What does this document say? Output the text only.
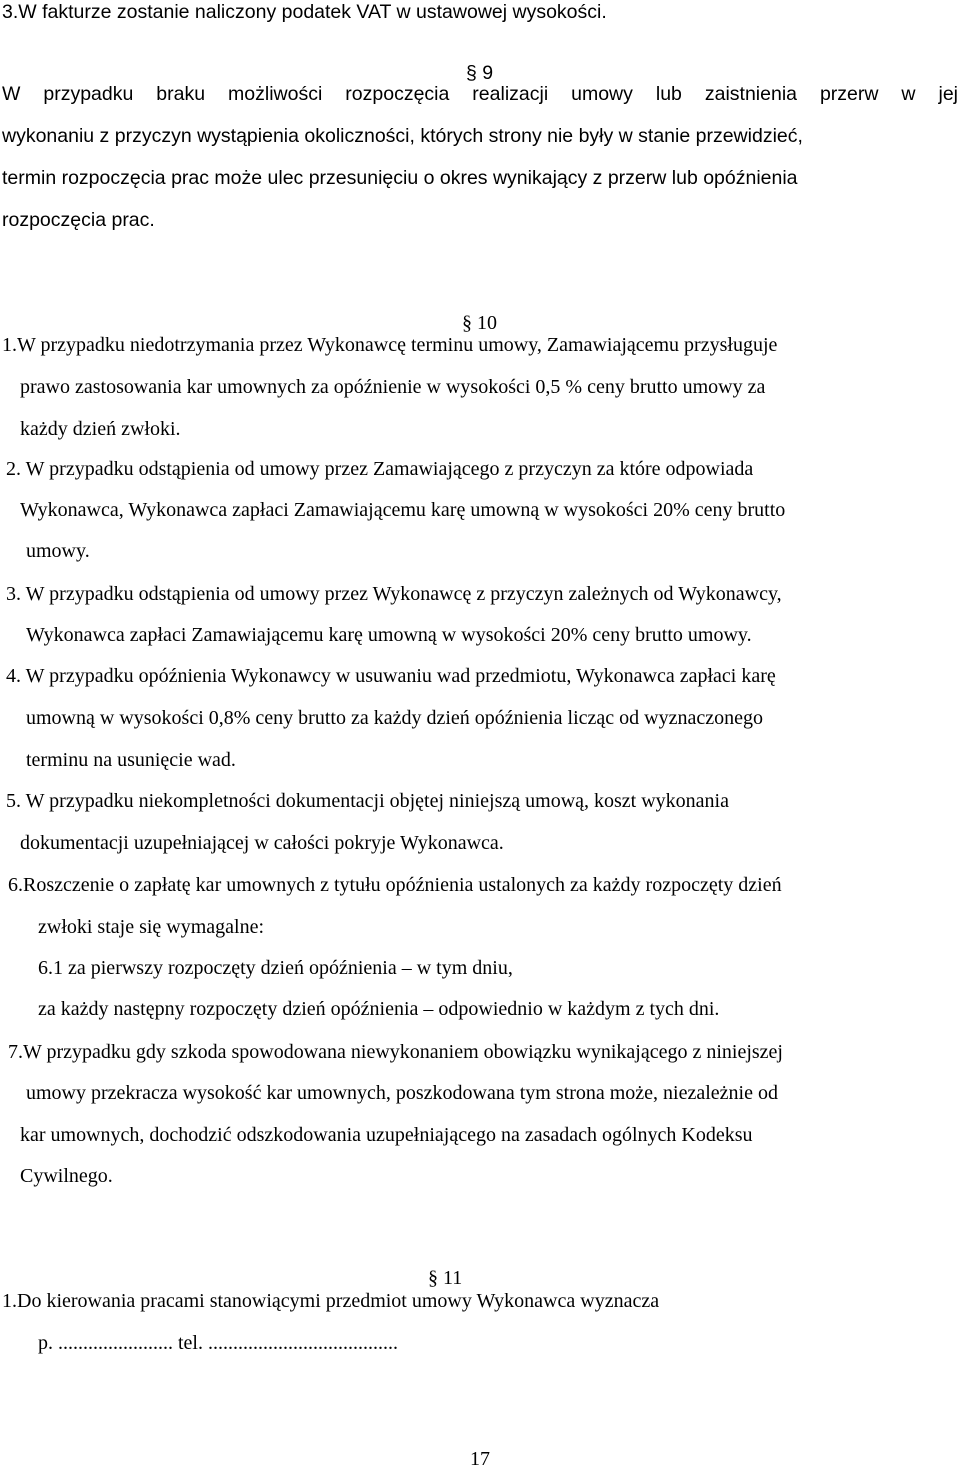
3.W fakturze zostanie naliczony podatek VAT w ustawowej wysokości.

§ 9

W przypadku braku możliwości rozpoczęcia realizacji umowy lub zaistnienia przerw w jej

wykonaniu z przyczyn wystąpienia okoliczności, których strony nie były w stanie przewidzieć,

termin rozpoczęcia prac może ulec przesunięciu o okres wynikający z przerw lub opóźnienia

rozpoczęcia prac.

§ 10

1.W przypadku niedotrzymania przez Wykonawcę terminu umowy, Zamawiającemu przysługuje

prawo zastosowania kar umownych za opóźnienie w wysokości 0,5 % ceny brutto umowy za

każdy dzień zwłoki.

2. W przypadku odstąpienia od umowy przez Zamawiającego z przyczyn za które odpowiada

Wykonawca, Wykonawca zapłaci Zamawiającemu karę umowną w wysokości 20% ceny brutto

umowy.

3. W przypadku odstąpienia od umowy przez Wykonawcę z przyczyn zależnych od Wykonawcy,

Wykonawca zapłaci Zamawiającemu karę umowną w wysokości 20% ceny brutto umowy.

4. W przypadku opóźnienia Wykonawcy w usuwaniu wad przedmiotu, Wykonawca zapłaci karę

umowną w wysokości 0,8% ceny brutto za każdy dzień opóźnienia licząc od wyznaczonego

terminu na usunięcie wad.

5. W przypadku niekompletności dokumentacji objętej niniejszą umową, koszt wykonania

dokumentacji uzupełniającej w całości pokryje Wykonawca.

6.Roszczenie o zapłatę kar umownych z tytułu opóźnienia ustalonych za każdy rozpoczęty dzień

zwłoki staje się wymagalne:

6.1 za pierwszy rozpoczęty dzień opóźnienia – w tym dniu,

za każdy następny rozpoczęty dzień opóźnienia – odpowiednio w każdym z tych dni.

7.W przypadku gdy szkoda spowodowana niewykonaniem obowiązku wynikającego z niniejszej

umowy przekracza wysokość kar umownych, poszkodowana tym strona może, niezależnie od

kar umownych, dochodzić odszkodowania uzupełniającego na zasadach ogólnych Kodeksu

Cywilnego.

§ 11

1.Do kierowania pracami stanowiącymi przedmiot umowy Wykonawca wyznacza

p. ....................... tel. ......................................

17
